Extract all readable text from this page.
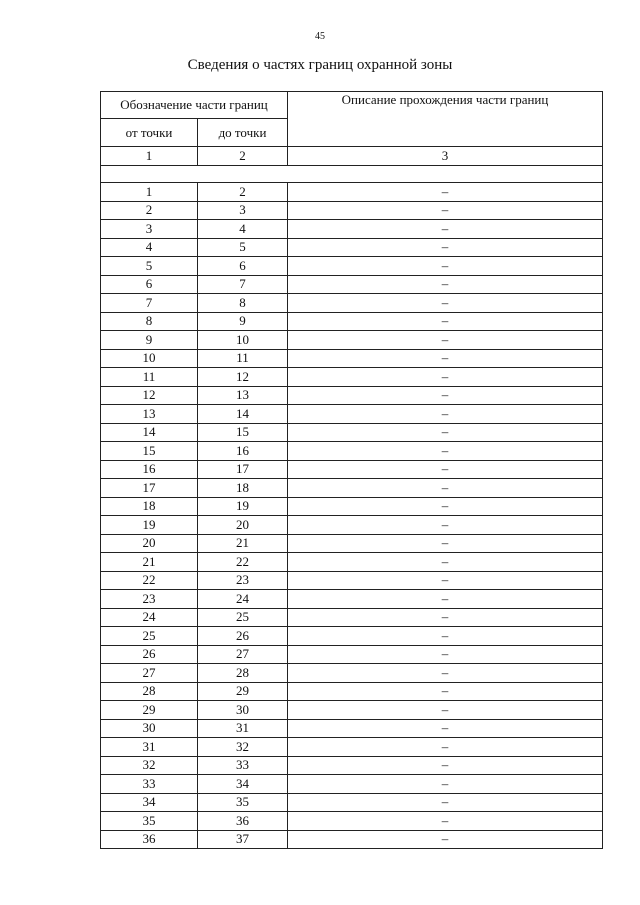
45
Сведения о частях границ охранной зоны
Обозначение части границ		Описание прохождения части границ
от точки	до точки	
1	2	3

1	2	–
2	3	–
3	4	–
4	5	–
5	6	–
6	7	–
7	8	–
8	9	–
9	10	–
10	11	–
11	12	–
12	13	–
13	14	–
14	15	–
15	16	–
16	17	–
17	18	–
18	19	–
19	20	–
20	21	–
21	22	–
22	23	–
23	24	–
24	25	–
25	26	–
26	27	–
27	28	–
28	29	–
29	30	–
30	31	–
31	32	–
32	33	–
33	34	–
34	35	–
35	36	–
36	37	–
